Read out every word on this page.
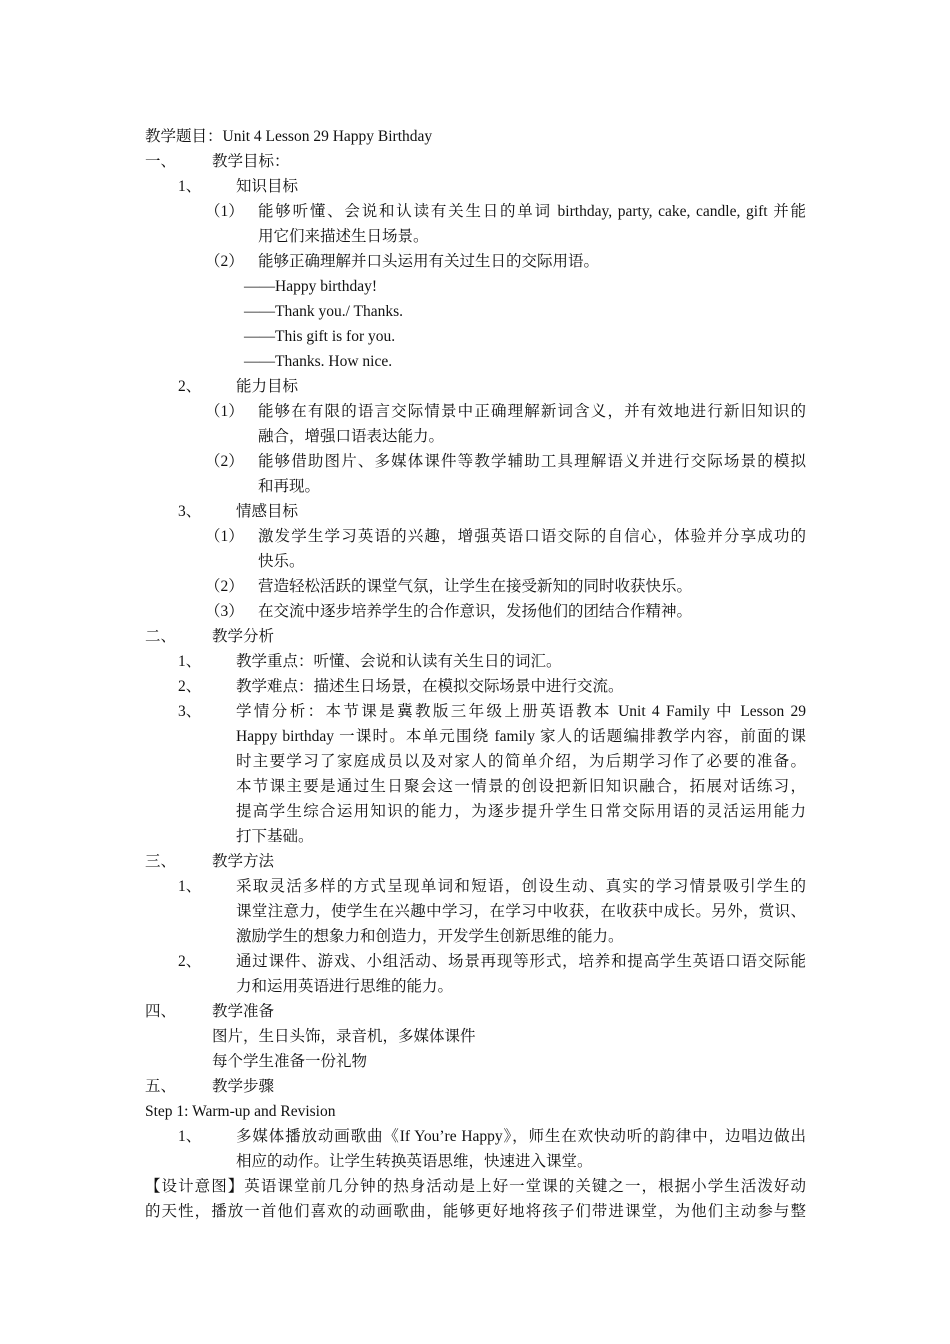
教学题目：Unit 4 Lesson 29 Happy Birthday
一、 教学目标：
1、 知识目标
（1） 能够听懂、会说和认读有关生日的单词 birthday, party, cake, candle, gift 并能
用它们来描述生日场景。
（2） 能够正确理解并口头运用有关过生日的交际用语。
——Happy birthday!
——Thank you./ Thanks.
——This gift is for you.
——Thanks. How nice.
2、 能力目标
（1） 能够在有限的语言交际情景中正确理解新词含义，并有效地进行新旧知识的
融合，增强口语表达能力。
（2） 能够借助图片、多媒体课件等教学辅助工具理解语义并进行交际场景的模拟
和再现。
3、 情感目标
（1） 激发学生学习英语的兴趣，增强英语口语交际的自信心，体验并分享成功的
快乐。
（2） 营造轻松活跃的课堂气氛，让学生在接受新知的同时收获快乐。
（3） 在交流中逐步培养学生的合作意识，发扬他们的团结合作精神。
二、 教学分析
1、 教学重点：听懂、会说和认读有关生日的词汇。
2、 教学难点：描述生日场景，在模拟交际场景中进行交流。
3、 学情分析：本节课是冀教版三年级上册英语教本 Unit 4 Family 中 Lesson 29
Happy birthday 一课时。本单元围绕 family 家人的话题编排教学内容，前面的课
时主要学习了家庭成员以及对家人的简单介绍，为后期学习作了必要的准备。
本节课主要是通过生日聚会这一情景的创设把新旧知识融合，拓展对话练习，
提高学生综合运用知识的能力，为逐步提升学生日常交际用语的灵活运用能力
打下基础。
三、 教学方法
1、 采取灵活多样的方式呈现单词和短语，创设生动、真实的学习情景吸引学生的
课堂注意力，使学生在兴趣中学习，在学习中收获，在收获中成长。另外，赏识、
激励学生的想象力和创造力，开发学生创新思维的能力。
2、 通过课件、游戏、小组活动、场景再现等形式，培养和提高学生英语口语交际能
力和运用英语进行思维的能力。
四、 教学准备
图片，生日头饰，录音机，多媒体课件
每个学生准备一份礼物
五、 教学步骤
Step 1: Warm-up and Revision
1、 多媒体播放动画歌曲《If You’re Happy》，师生在欢快动听的韵律中，边唱边做出
相应的动作。让学生转换英语思维，快速进入课堂。
【设计意图】英语课堂前几分钟的热身活动是上好一堂课的关键之一，根据小学生活泼好动
的天性，播放一首他们喜欢的动画歌曲，能够更好地将孩子们带进课堂，为他们主动参与整
